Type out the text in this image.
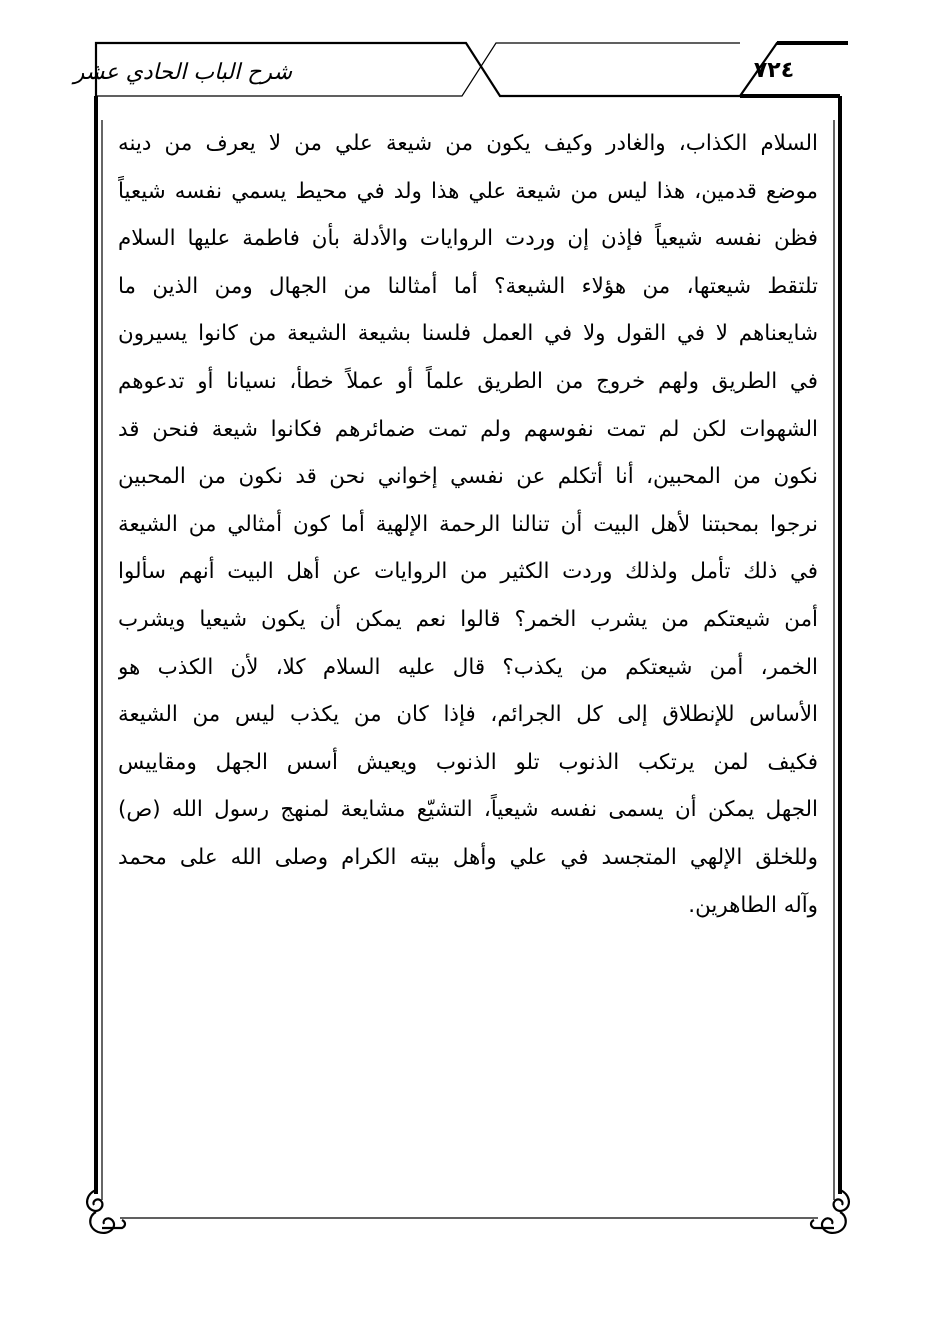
شرح الباب الحادي عشر	٧٢٤
السلام الكذاب، والغادر وكيف يكون من شيعة علي من لا يعرف من دينه
موضع قدمين، هذا ليس من شيعة علي هذا ولد في محيط يسمي نفسه شيعياً
فظن نفسه شيعياً فإذن إن وردت الروايات والأدلة بأن فاطمة عليها السلام
تلتقط شيعتها، من هؤلاء الشيعة؟ أما أمثالنا من الجهال ومن الذين ما
شايعناهم لا في القول ولا في العمل فلسنا بشيعة الشيعة من كانوا يسيرون
في الطريق ولهم خروج من الطريق علماً أو عملاً خطأ، نسيانا أو تدعوهم
الشهوات لكن لم تمت نفوسهم ولم تمت ضمائرهم فكانوا شيعة فنحن قد
نكون من المحبين، أنا أتكلم عن نفسي إخواني نحن قد نكون من المحبين
نرجوا بمحبتنا لأهل البيت أن تنالنا الرحمة الإلهية أما كون أمثالي من الشيعة
في ذلك تأمل ولذلك وردت الكثير من الروايات عن أهل البيت أنهم سألوا
أمن شيعتكم من يشرب الخمر؟ قالوا نعم يمكن أن يكون شيعيا ويشرب
الخمر، أمن شيعتكم من يكذب؟ قال عليه السلام كلا، لأن الكذب هو
الأساس للإنطلاق إلى كل الجرائم، فإذا كان من يكذب ليس من الشيعة
فكيف لمن يرتكب الذنوب تلو الذنوب ويعيش أسس الجهل ومقاييس
الجهل يمكن أن يسمى نفسه شيعياً، التشيّع مشايعة لمنهج رسول الله (ص)
وللخلق الإلهي المتجسد في علي وأهل بيته الكرام وصلى الله على محمد
وآله الطاهرين.
